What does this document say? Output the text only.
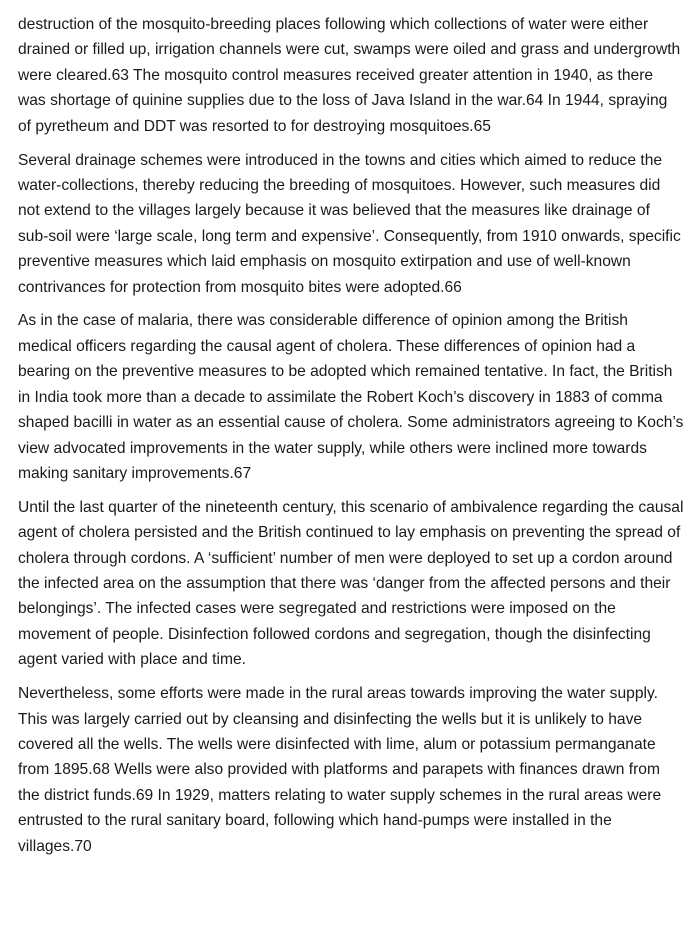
destruction of the mosquito-breeding places following which collections of water were either drained or filled up, irrigation channels were cut, swamps were oiled and grass and undergrowth were cleared.63 The mosquito control measures received greater attention in 1940, as there was shortage of quinine supplies due to the loss of Java Island in the war.64 In 1944, spraying of pyretheum and DDT was resorted to for destroying mosquitoes.65

Several drainage schemes were introduced in the towns and cities which aimed to reduce the water-collections, thereby reducing the breeding of mosquitoes. However, such measures did not extend to the villages largely because it was believed that the measures like drainage of sub-soil were ‘large scale, long term and expensive’. Consequently, from 1910 onwards, specific preventive measures which laid emphasis on mosquito extirpation and use of well-known contrivances for protection from mosquito bites were adopted.66

As in the case of malaria, there was considerable difference of opinion among the British medical officers regarding the causal agent of cholera. These differences of opinion had a bearing on the preventive measures to be adopted which remained tentative. In fact, the British in India took more than a decade to assimilate the Robert Koch’s discovery in 1883 of comma shaped bacilli in water as an essential cause of cholera. Some administrators agreeing to Koch’s view advocated improvements in the water supply, while others were inclined more towards making sanitary improvements.67

Until the last quarter of the nineteenth century, this scenario of ambivalence regarding the causal agent of cholera persisted and the British continued to lay emphasis on preventing the spread of cholera through cordons. A ‘sufficient’ number of men were deployed to set up a cordon around the infected area on the assumption that there was ‘danger from the affected persons and their belongings’. The infected cases were segregated and restrictions were imposed on the movement of people. Disinfection followed cordons and segregation, though the disinfecting agent varied with place and time.

Nevertheless, some efforts were made in the rural areas towards improving the water supply. This was largely carried out by cleansing and disinfecting the wells but it is unlikely to have covered all the wells. The wells were disinfected with lime, alum or potassium permanganate from 1895.68 Wells were also provided with platforms and parapets with finances drawn from the district funds.69 In 1929, matters relating to water supply schemes in the rural areas were entrusted to the rural sanitary board, following which hand-pumps were installed in the villages.70
